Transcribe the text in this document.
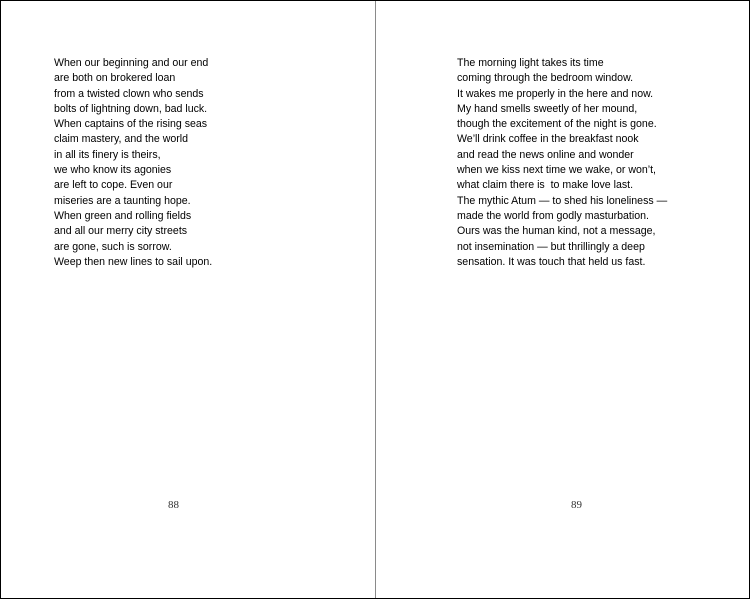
When our beginning and our end
are both on brokered loan
from a twisted clown who sends
bolts of lightning down, bad luck.
When captains of the rising seas
claim mastery, and the world
in all its finery is theirs,
we who know its agonies
are left to cope. Even our
miseries are a taunting hope.
When green and rolling fields
and all our merry city streets
are gone, such is sorrow.
Weep then new lines to sail upon.
88
The morning light takes its time
coming through the bedroom window.
It wakes me properly in the here and now.
My hand smells sweetly of her mound,
though the excitement of the night is gone.
We’ll drink coffee in the breakfast nook
and read the news online and wonder
when we kiss next time we wake, or won’t,
what claim there is  to make love last.
The mythic Atum — to shed his loneliness —
made the world from godly masturbation.
Ours was the human kind, not a message,
not insemination — but thrillingly a deep
sensation. It was touch that held us fast.
89
